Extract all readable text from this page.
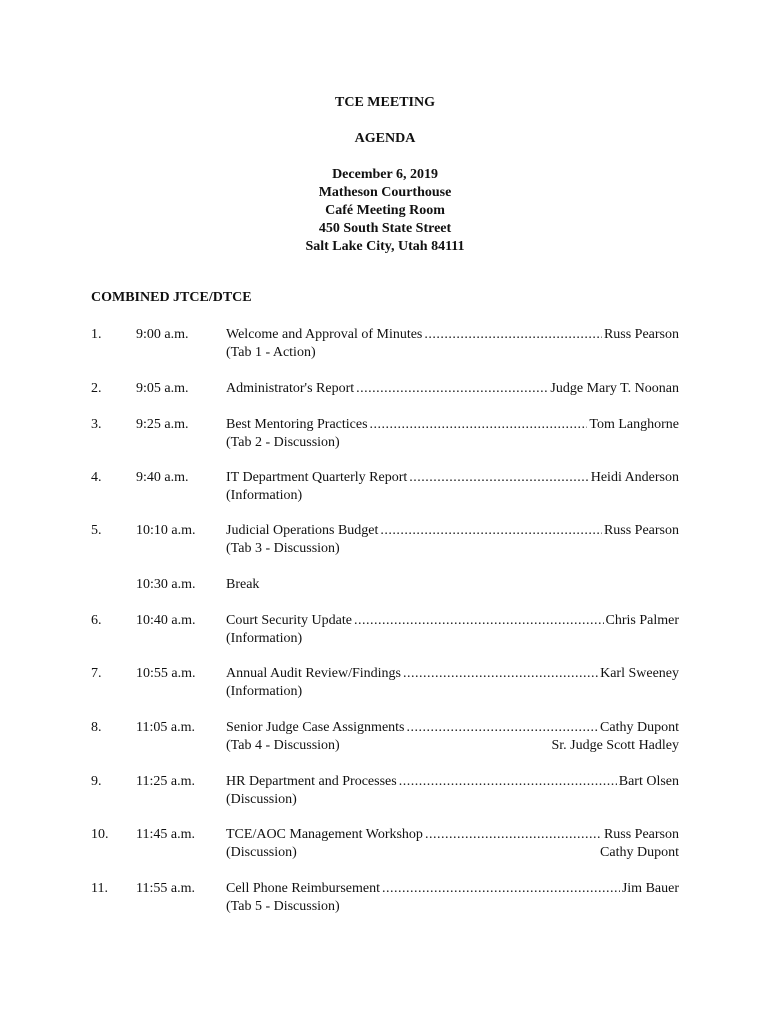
TCE MEETING
AGENDA
December 6, 2019
Matheson Courthouse
Café Meeting Room
450 South State Street
Salt Lake City, Utah 84111
COMBINED JTCE/DTCE
1. 9:00 a.m.	Welcome and Approval of Minutes .....	Russ Pearson
(Tab 1 - Action)
2. 9:05 a.m.	Administrator's Report .....	Judge Mary T. Noonan
3. 9:25 a.m.	Best Mentoring Practices .....	Tom Langhorne
(Tab 2 - Discussion)
4. 9:40 a.m.	IT Department Quarterly Report .....	Heidi Anderson
(Information)
5. 10:10 a.m. Judicial Operations Budget .....	Russ Pearson
(Tab 3 - Discussion)
10:30 a.m. Break
6. 10:40 a.m. Court Security Update .....	Chris Palmer
(Information)
7. 10:55 a.m. Annual Audit Review/Findings .....	Karl Sweeney
(Information)
8. 11:05 a.m. Senior Judge Case Assignments .....	Cathy Dupont
(Tab 4 - Discussion)	Sr. Judge Scott Hadley
9. 11:25 a.m. HR Department and Processes .....	Bart Olsen
(Discussion)
10. 11:45 a.m. TCE/AOC Management Workshop .....	Russ Pearson
(Discussion)	Cathy Dupont
11. 11:55 a.m. Cell Phone Reimbursement .....	Jim Bauer
(Tab 5 - Discussion)
